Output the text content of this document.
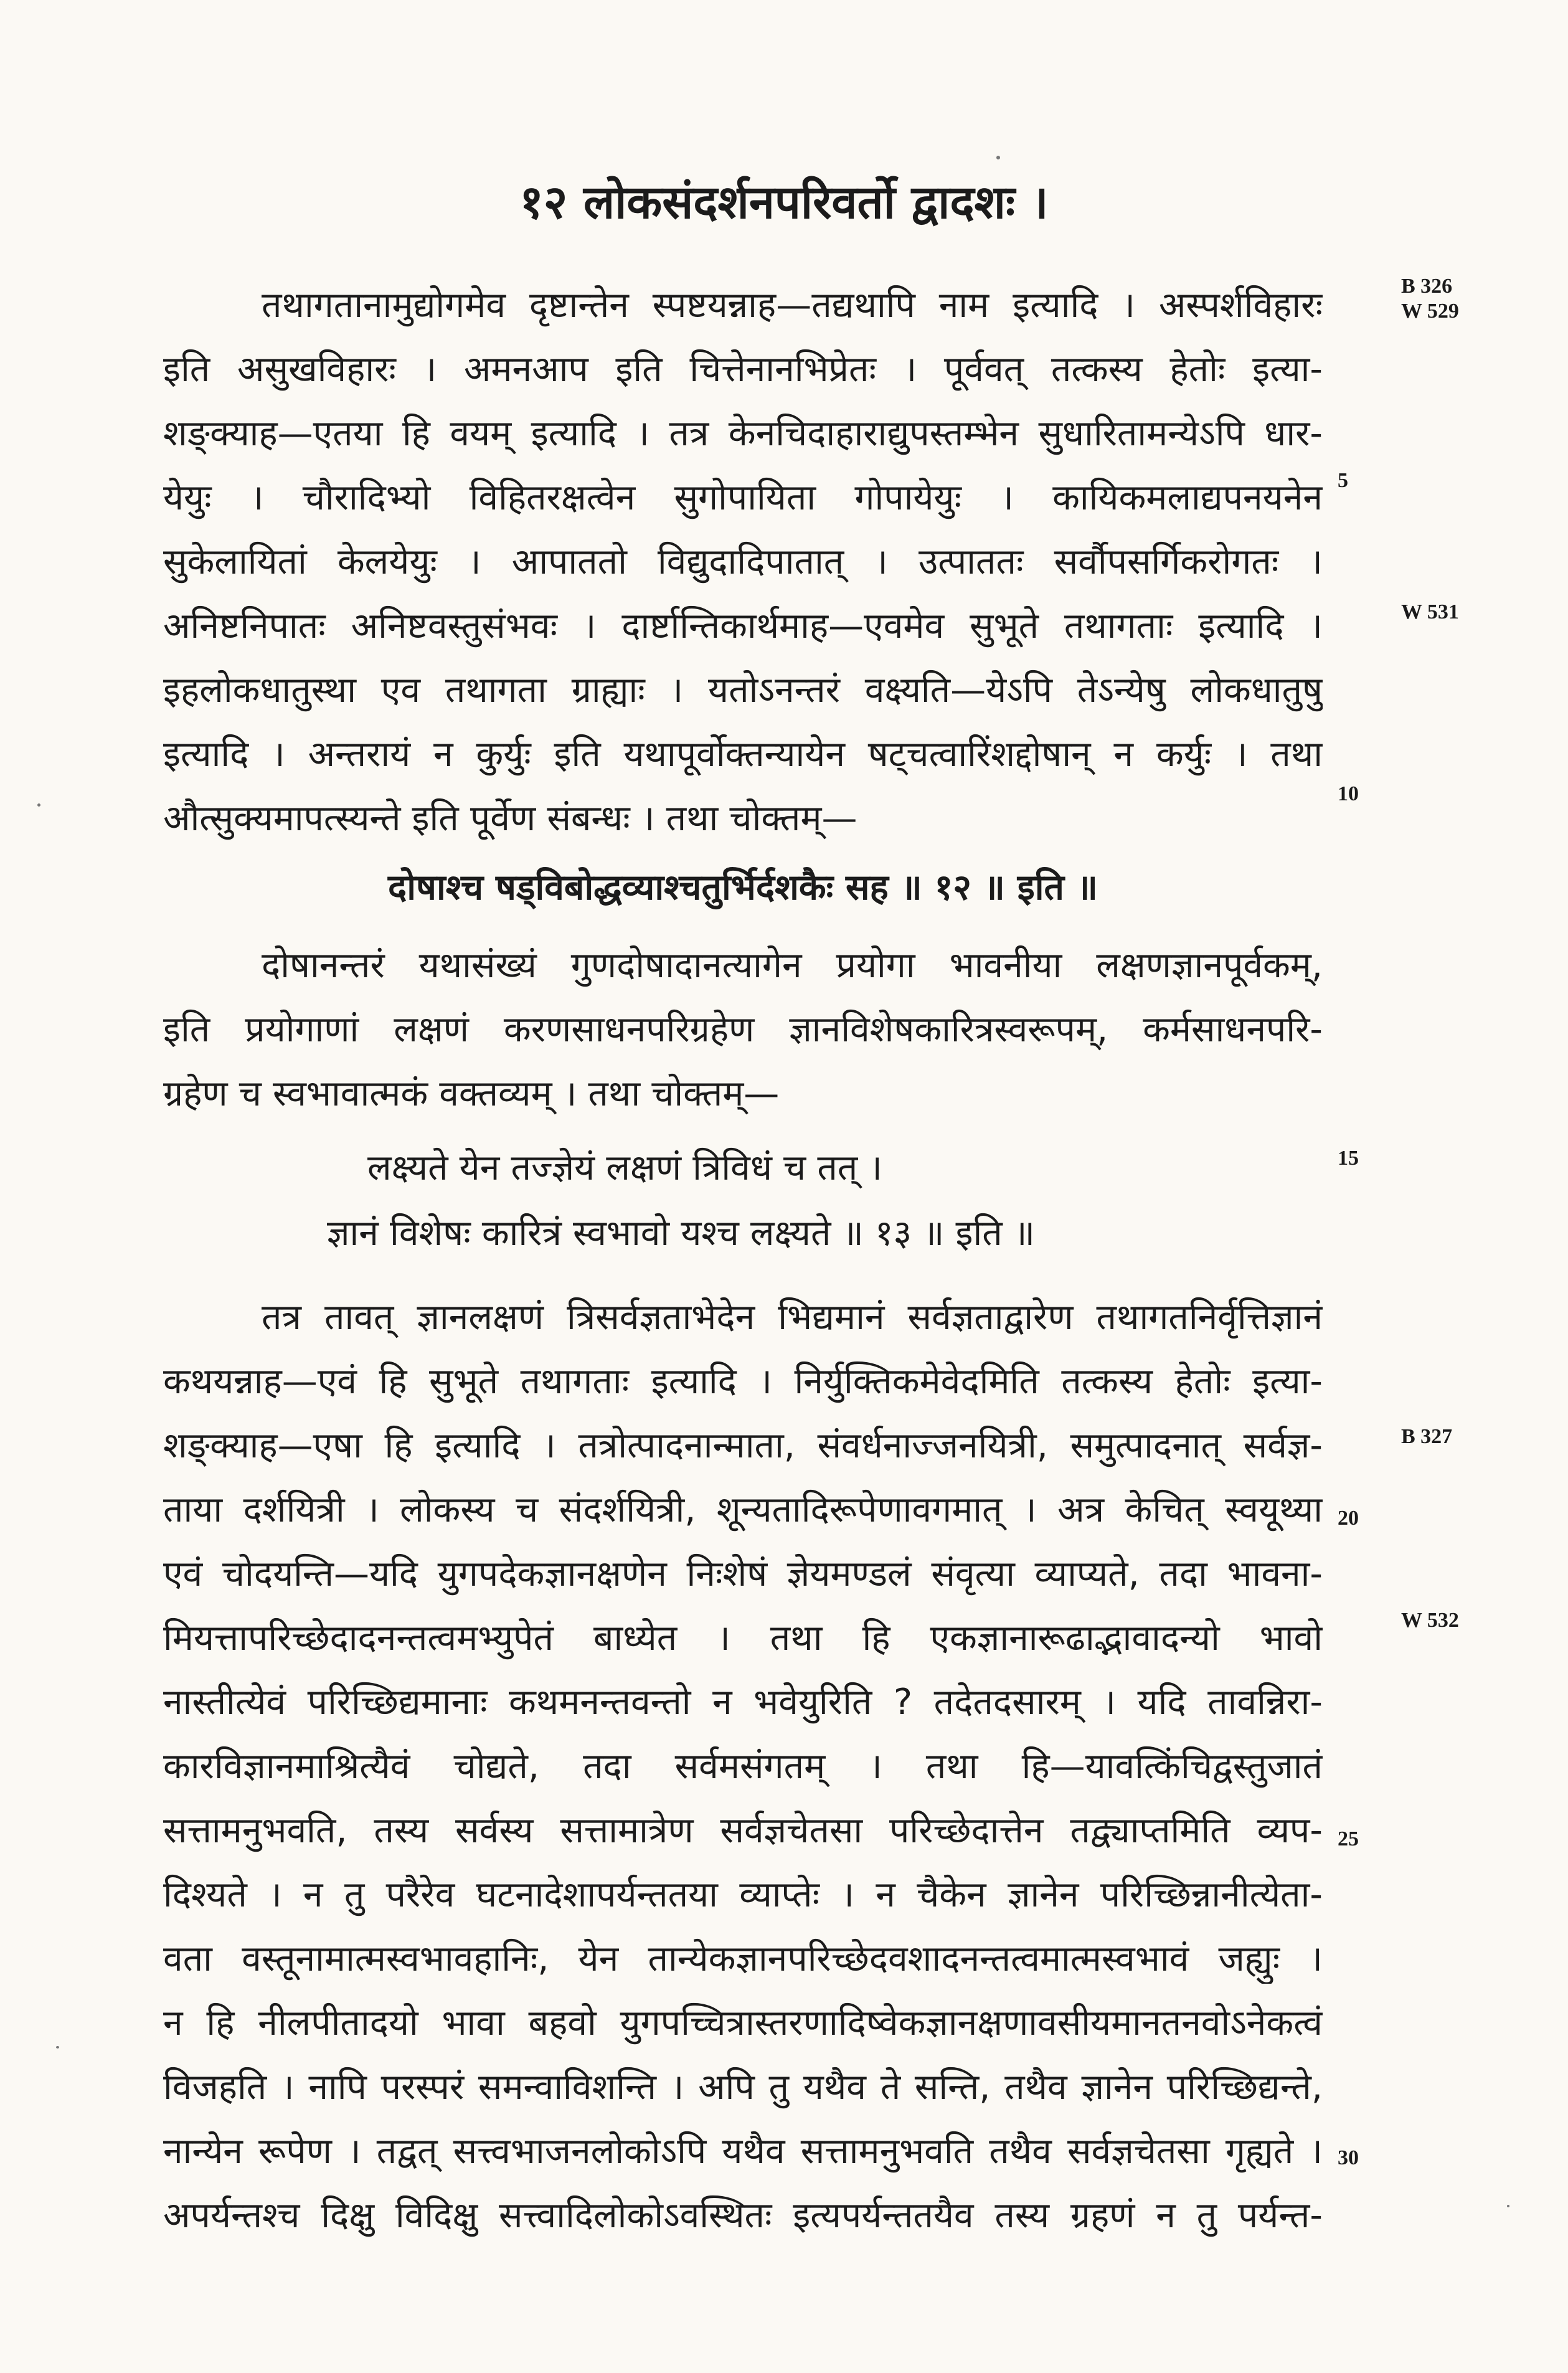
१२ लोकसंदर्शनपरिवर्तो द्वादशः ।

तथागतानामुद्योगमेव दृष्टान्तेन स्पष्टयन्नाह—तद्यथापि नाम इत्यादि । अस्पर्शविहारः

इति असुखविहारः । अमनआप इति चित्तेनानभिप्रेतः । पूर्ववत् तत्कस्य हेतोः इत्या-

शङ्क्याह—एतया हि वयम् इत्यादि । तत्र केनचिदाहाराद्युपस्तम्भेन सुधारितामन्येऽपि धार-

येयुः । चौरादिभ्यो विहितरक्षत्वेन सुगोपायिता गोपायेयुः । कायिकमलाद्यपनयनेन

सुकेलायितां केलयेयुः । आपाततो विद्युदादिपातात् । उत्पाततः सर्वौपसर्गिकरोगतः ।

अनिष्टनिपातः अनिष्टवस्तुसंभवः । दार्ष्टान्तिकार्थमाह—एवमेव सुभूते तथागताः इत्यादि ।

इहलोकधातुस्था एव तथागता ग्राह्याः । यतोऽनन्तरं वक्ष्यति—येऽपि तेऽन्येषु लोकधातुषु

इत्यादि । अन्तरायं न कुर्युः इति यथापूर्वोक्तन्यायेन षट्चत्वारिंशद्दोषान् न कर्युः । तथा

औत्सुक्यमापत्स्यन्ते इति पूर्वेण संबन्धः । तथा चोक्तम्—

दोषाश्च षड्विबोद्धव्याश्चतुर्भिर्दशकैः सह ॥ १२ ॥ इति ॥

दोषानन्तरं यथासंख्यं गुणदोषादानत्यागेन प्रयोगा भावनीया लक्षणज्ञानपूर्वकम्,

इति प्रयोगाणां लक्षणं करणसाधनपरिग्रहेण ज्ञानविशेषकारित्रस्वरूपम्, कर्मसाधनपरि-

ग्रहेण च स्वभावात्मकं वक्तव्यम् । तथा चोक्तम्—

लक्ष्यते येन तज्ज्ञेयं लक्षणं त्रिविधं च तत् ।

ज्ञानं विशेषः कारित्रं स्वभावो यश्च लक्ष्यते ॥ १३ ॥ इति ॥

तत्र तावत् ज्ञानलक्षणं त्रिसर्वज्ञताभेदेन भिद्यमानं सर्वज्ञताद्वारेण तथागतनिर्वृत्तिज्ञानं

कथयन्नाह—एवं हि सुभूते तथागताः इत्यादि । निर्युक्तिकमेवेदमिति तत्कस्य हेतोः इत्या-

शङ्क्याह—एषा हि इत्यादि । तत्रोत्पादनान्माता, संवर्धनाज्जनयित्री, समुत्पादनात् सर्वज्ञ-

ताया दर्शयित्री । लोकस्य च संदर्शयित्री, शून्यतादिरूपेणावगमात् । अत्र केचित् स्वयूथ्या

एवं चोदयन्ति—यदि युगपदेकज्ञानक्षणेन निःशेषं ज्ञेयमण्डलं संवृत्या व्याप्यते, तदा भावना-

मियत्तापरिच्छेदादनन्तत्वमभ्युपेतं बाध्येत । तथा हि एकज्ञानारूढाद्भावादन्यो भावो

नास्तीत्येवं परिच्छिद्यमानाः कथमनन्तवन्तो न भवेयुरिति ? तदेतदसारम् । यदि तावन्निरा-

कारविज्ञानमाश्रित्यैवं चोद्यते, तदा सर्वमसंगतम् । तथा हि—यावत्किंचिद्वस्तुजातं

सत्तामनुभवति, तस्य सर्वस्य सत्तामात्रेण सर्वज्ञचेतसा परिच्छेदात्तेन तद्व्याप्तमिति व्यप-

दिश्यते । न तु परैरेव घटनादेशापर्यन्ततया व्याप्तेः । न चैकेन ज्ञानेन परिच्छिन्नानीत्येता-

वता वस्तूनामात्मस्वभावहानिः, येन तान्येकज्ञानपरिच्छेदवशादनन्तत्वमात्मस्वभावं जह्युः ।

न हि नीलपीतादयो भावा बहवो युगपच्चित्रास्तरणादिष्वेकज्ञानक्षणावसीयमानतनवोऽनेकत्वं

विजहति । नापि परस्परं समन्वाविशन्ति । अपि तु यथैव ते सन्ति, तथैव ज्ञानेन परिच्छिद्यन्ते,

नान्येन रूपेण । तद्वत् सत्त्वभाजनलोकोऽपि यथैव सत्तामनुभवति तथैव सर्वज्ञचेतसा गृह्यते ।

अपर्यन्तश्च दिक्षु विदिक्षु सत्त्वादिलोकोऽवस्थितः इत्यपर्यन्ततयैव तस्य ग्रहणं न तु पर्यन्त-

5
10
15
20
25
30
B 326
W 529
W 531
B 327
W 532
